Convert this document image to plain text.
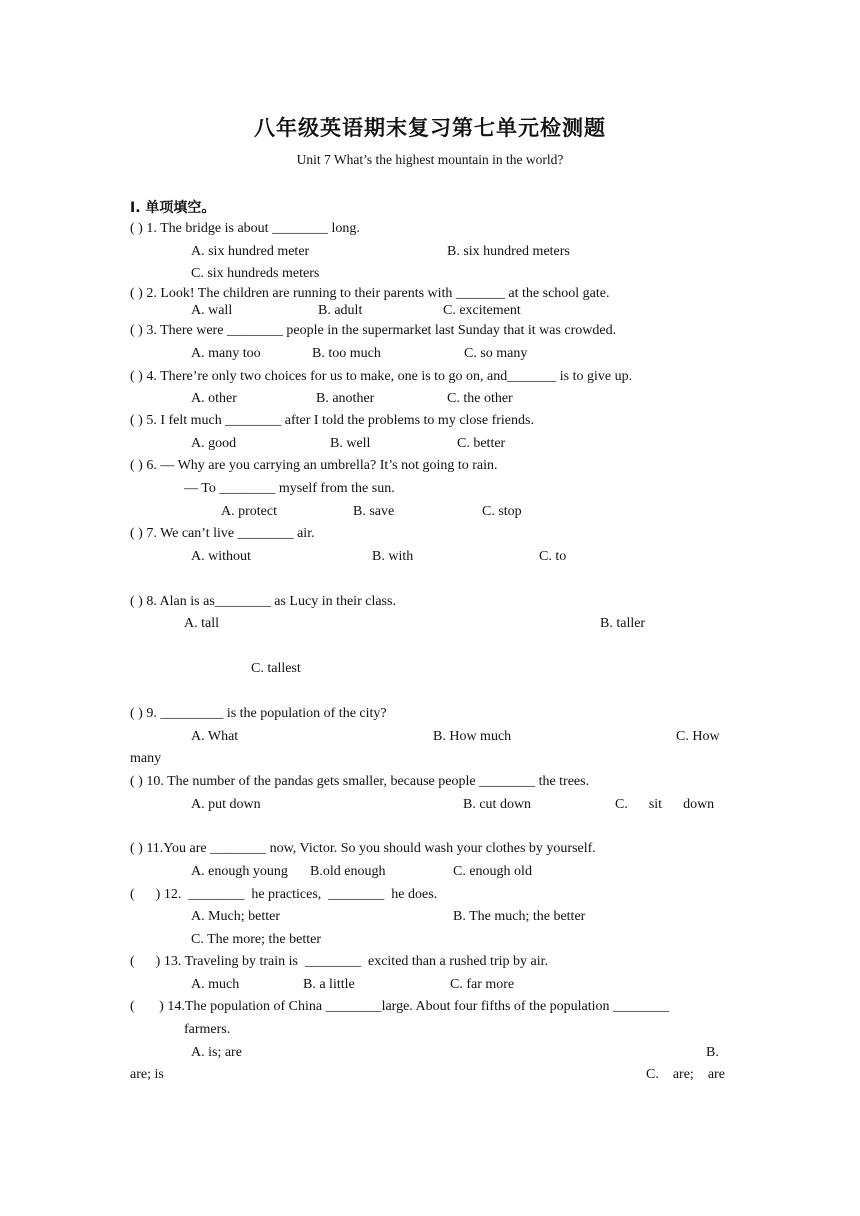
八年级英语期末复习第七单元检测题
Unit 7 What’s the highest mountain in the world?
I. 单项填空。
( ) 1. The bridge is about ________ long.
A. six hundred meter	B. six hundred meters
C. six hundreds meters
( ) 2. Look! The children are running to their parents with _______ at the school gate.
A. wall	B. adult	C. excitement
( ) 3. There were ________ people in the supermarket last Sunday that it was crowded.
A. many too	B. too much	C. so many
( ) 4. There’re only two choices for us to make, one is to go on, and_______ is to give up.
A. other	B. another	C. the other
( ) 5. I felt much ________ after I told the problems to my close friends.
A. good	B. well	C. better
( ) 6. — Why are you carrying an umbrella? It’s not going to rain.
— To ________ myself from the sun.
A. protect	B. save	C. stop
( ) 7. We can’t live ________ air.
A. without	B. with	C. to
( ) 8. Alan is as________ as Lucy in their class.
A. tall	B. taller
C. tallest
( ) 9. _________ is the population of the city?
A. What	B. How much	C. How
many
( ) 10. The number of the pandas gets smaller, because people ________ the trees.
A. put down	B. cut down	C.      sit      down
( ) 11.You are ________ now, Victor. So you should wash your clothes by yourself.
A. enough young B.old enough	C. enough old
(      ) 12.  ________  he practices,  ________  he does.
A. Much; better	B. The much; the better
C. The more; the better
(      ) 13. Traveling by train is  ________  excited than a rushed trip by air.
A. much	B. a little	C. far more
(       ) 14.The population of China ________large. About four fifths of the population ________
farmers.
A. is; are	B.
are; is	C.    are;    are
